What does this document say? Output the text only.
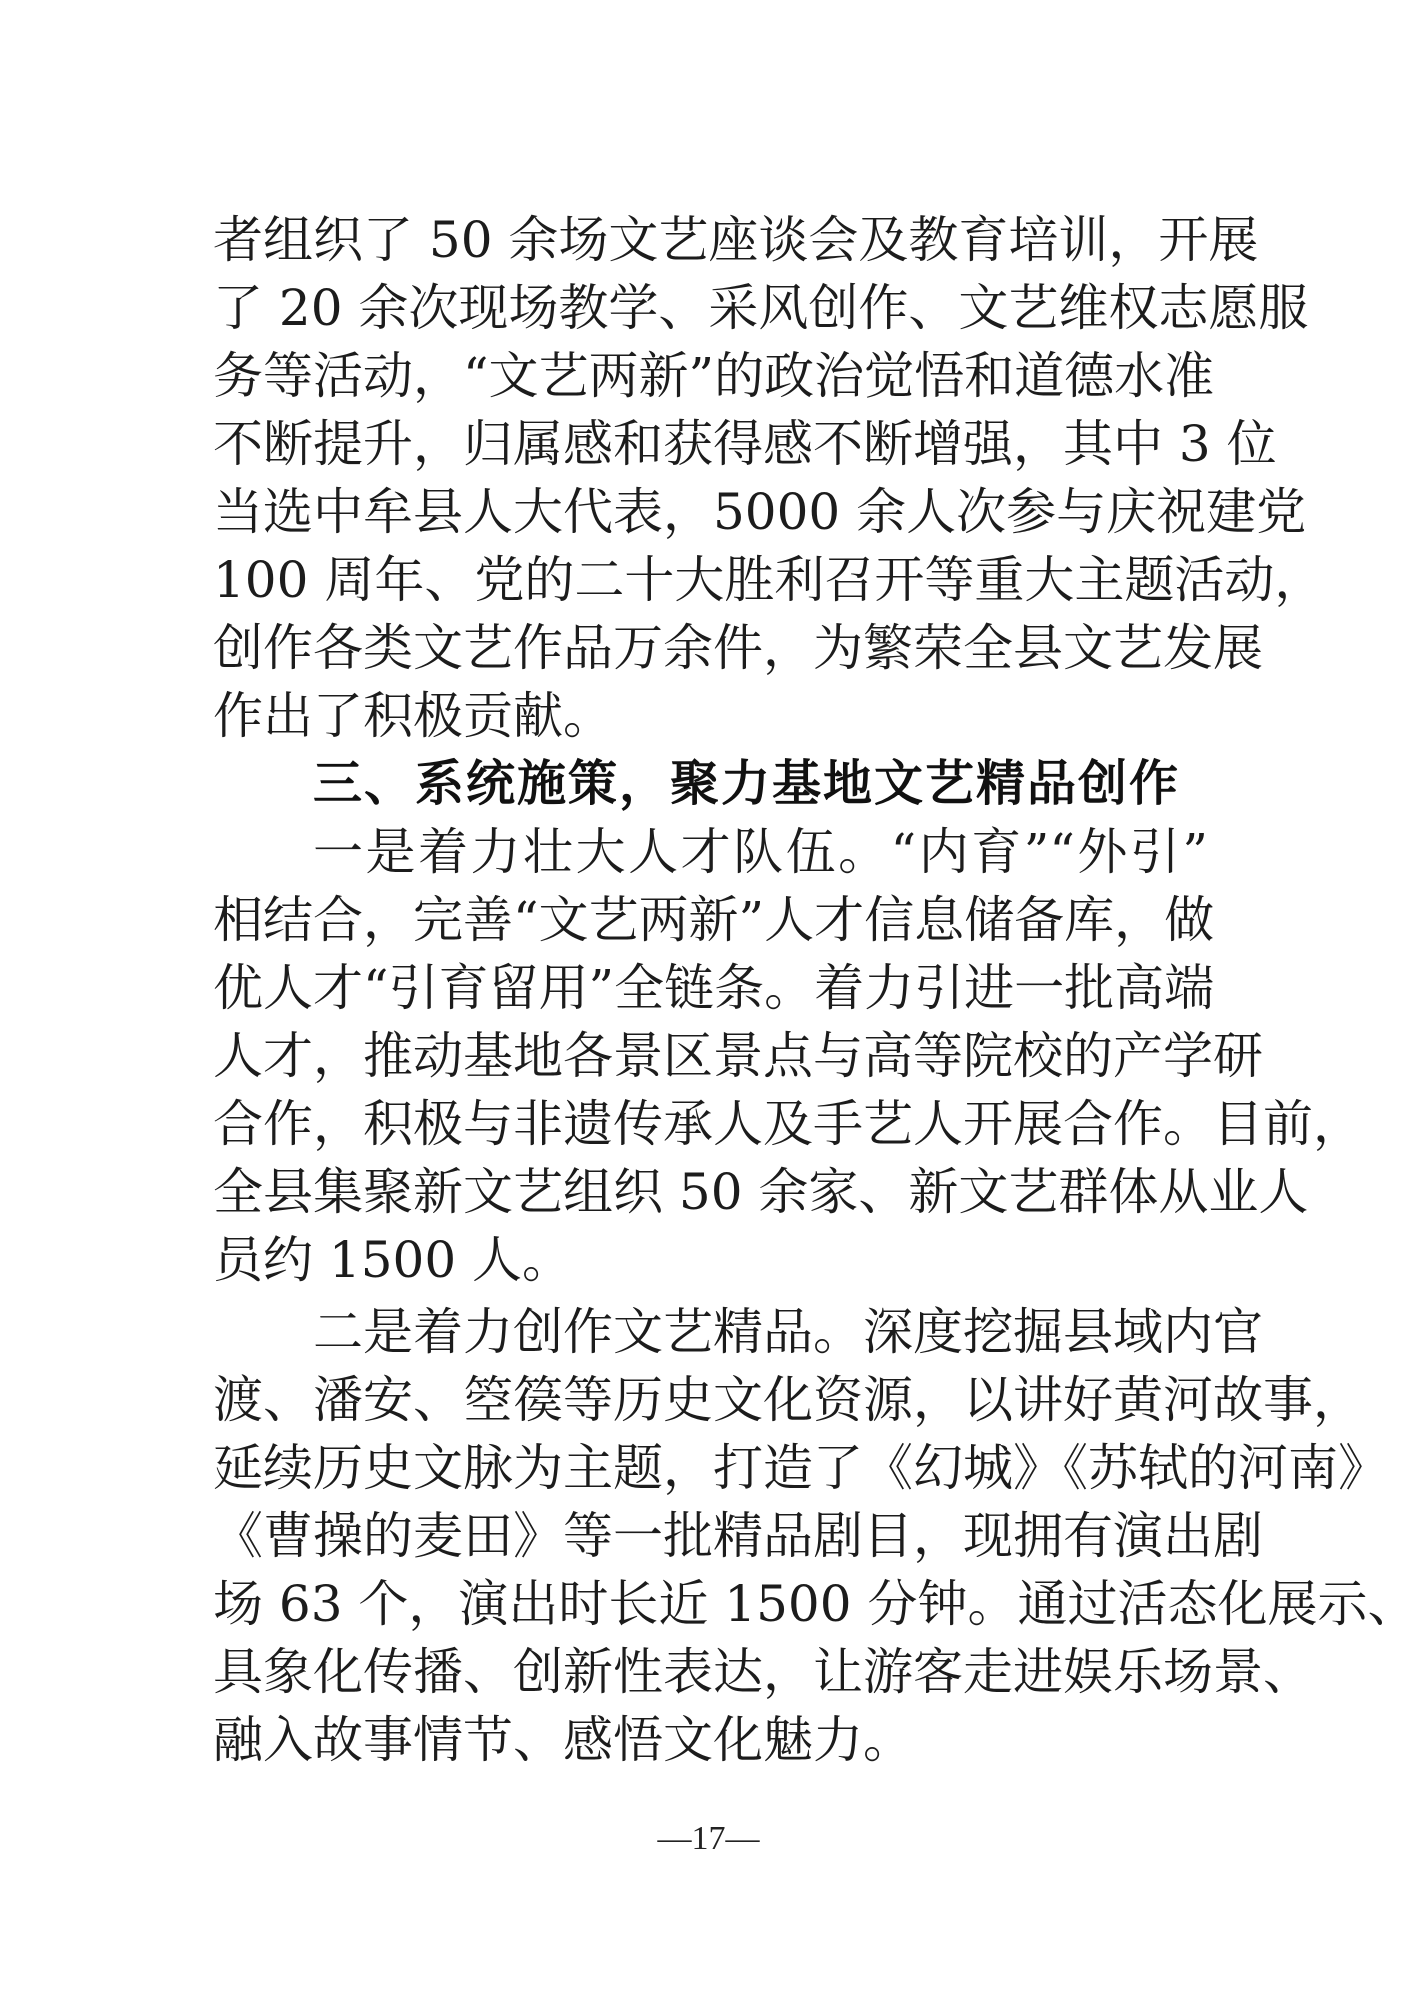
者组织了 50 余场文艺座谈会及教育培训，开展
了 20 余次现场教学、采风创作、文艺维权志愿服
务等活动，“文艺两新”的政治觉悟和道德水准
不断提升，归属感和获得感不断增强，其中 3 位
当选中牟县人大代表，5000 余人次参与庆祝建党
100 周年、党的二十大胜利召开等重大主题活动，
创作各类文艺作品万余件，为繁荣全县文艺发展
作出了积极贡献。
三、系统施策，聚力基地文艺精品创作
一是着力壮大人才队伍。“内育”“外引”
相结合，完善“文艺两新”人才信息储备库，做
优人才“引育留用”全链条。着力引进一批高端
人才，推动基地各景区景点与高等院校的产学研
合作，积极与非遗传承人及手艺人开展合作。目前，
全县集聚新文艺组织 50 余家、新文艺群体从业人
员约 1500 人。
二是着力创作文艺精品。深度挖掘县域内官
渡、潘安、箜篌等历史文化资源，以讲好黄河故事，
延续历史文脉为主题，打造了《幻城》《苏轼的河南》
《曹操的麦田》等一批精品剧目，现拥有演出剧
场 63 个，演出时长近 1500 分钟。通过活态化展示、
具象化传播、创新性表达，让游客走进娱乐场景、
融入故事情节、感悟文化魅力。
—17—
